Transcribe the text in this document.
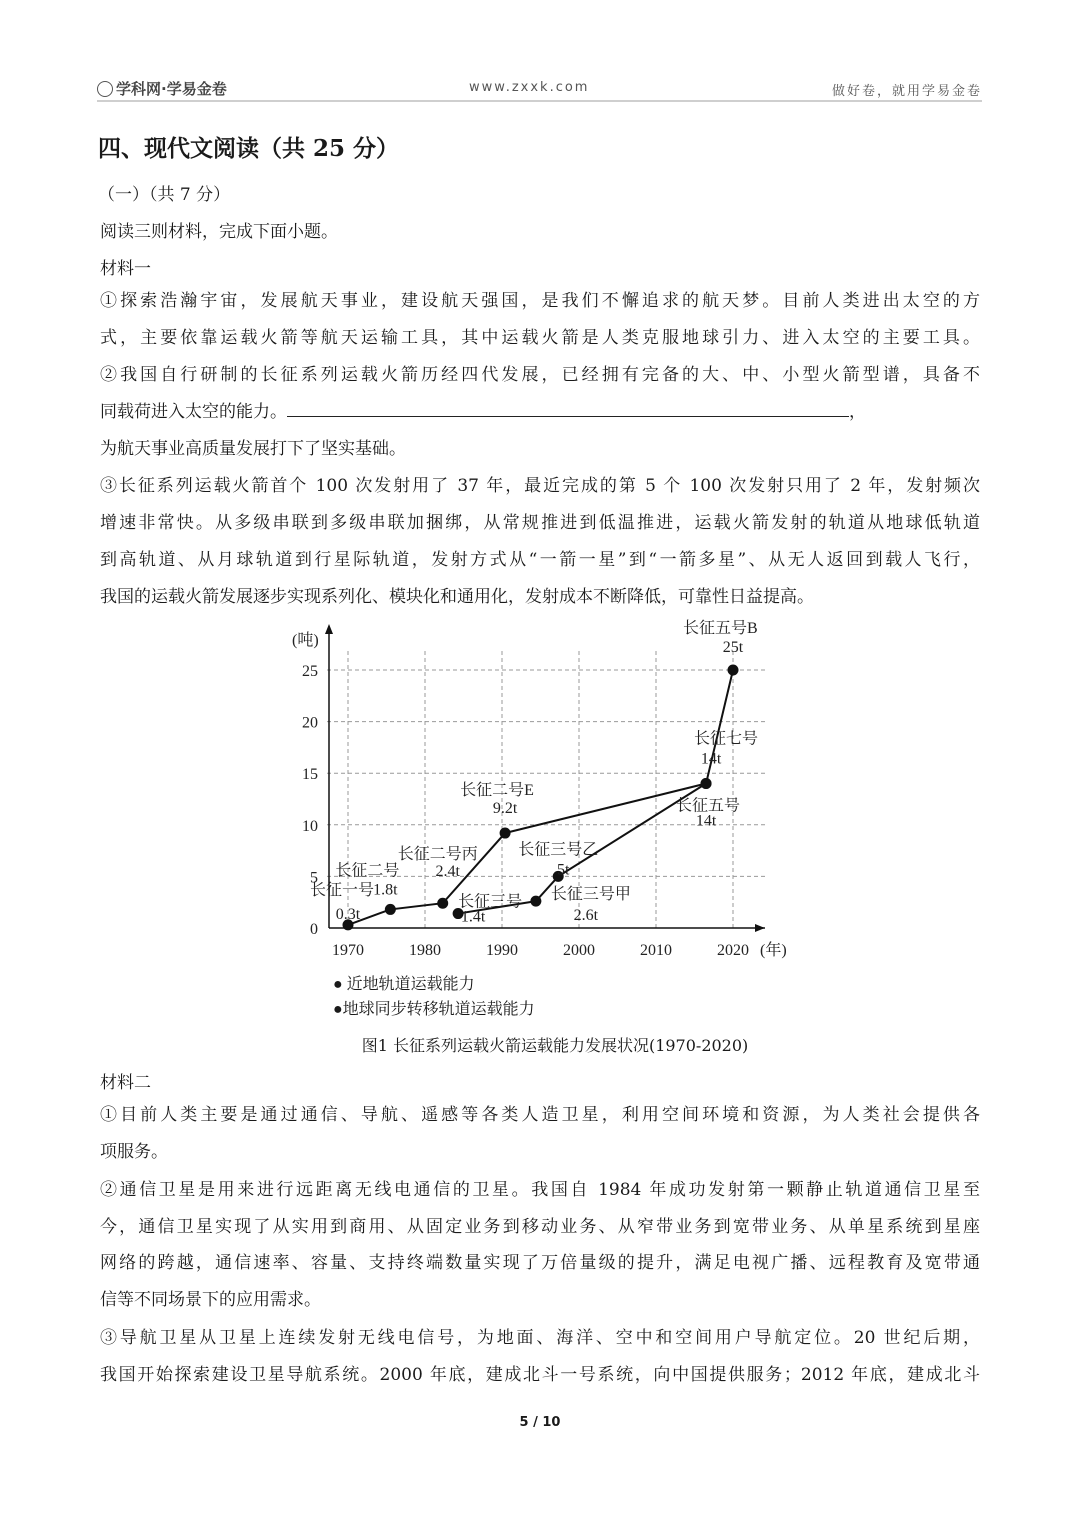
学科网·学易金卷	www.zxxk.com	做好卷，就用学易金卷
四、现代文阅读（共 25 分）
（一）（共 7 分）
阅读三则材料，完成下面小题。
材料一
①探索浩瀚宇宙，发展航天事业，建设航天强国，是我们不懈追求的航天梦。目前人类进出太空的方
式，主要依靠运载火箭等航天运输工具，其中运载火箭是人类克服地球引力、进入太空的主要工具。
②我国自行研制的长征系列运载火箭历经四代发展，已经拥有完备的大、中、小型火箭型谱，具备不
同载荷进入太空的能力。	，
为航天事业高质量发展打下了坚实基础。
③长征系列运载火箭首个 100 次发射用了 37 年，最近完成的第 5 个 100 次发射只用了 2 年，发射频次
增速非常快。从多级串联到多级串联加捆绑，从常规推进到低温推进，运载火箭发射的轨道从地球低轨道
到高轨道、从月球轨道到行星际轨道，发射方式从“一箭一星”到“一箭多星”、从无人返回到载人飞行，
我国的运载火箭发展逐步实现系列化、模块化和通用化，发射成本不断降低，可靠性日益提高。
1970	1980	1990	2000	2010	2020
0
5
10
15
20
25
(吨)
(年)
长征一号
0.3t
长征二号
1.8t
长征二号丙
2.4t
长征二号E
9.2t
长征七号
14t
长征五号B
25t
长征三号
1.4t
长征三号甲
2.6t
长征三号乙
5t
长征五号
14t
● 近地轨道运载能力
●地球同步转移轨道运载能力
图1 长征系列运载火箭运载能力发展状况(1970-2020)
材料二
①目前人类主要是通过通信、导航、遥感等各类人造卫星，利用空间环境和资源，为人类社会提供各
项服务。
②通信卫星是用来进行远距离无线电通信的卫星。我国自 1984 年成功发射第一颗静止轨道通信卫星至
今，通信卫星实现了从实用到商用、从固定业务到移动业务、从窄带业务到宽带业务、从单星系统到星座
网络的跨越，通信速率、容量、支持终端数量实现了万倍量级的提升，满足电视广播、远程教育及宽带通
信等不同场景下的应用需求。
③导航卫星从卫星上连续发射无线电信号，为地面、海洋、空中和空间用户导航定位。20 世纪后期，
我国开始探索建设卫星导航系统。2000 年底，建成北斗一号系统，向中国提供服务；2012 年底，建成北斗
5 / 10
